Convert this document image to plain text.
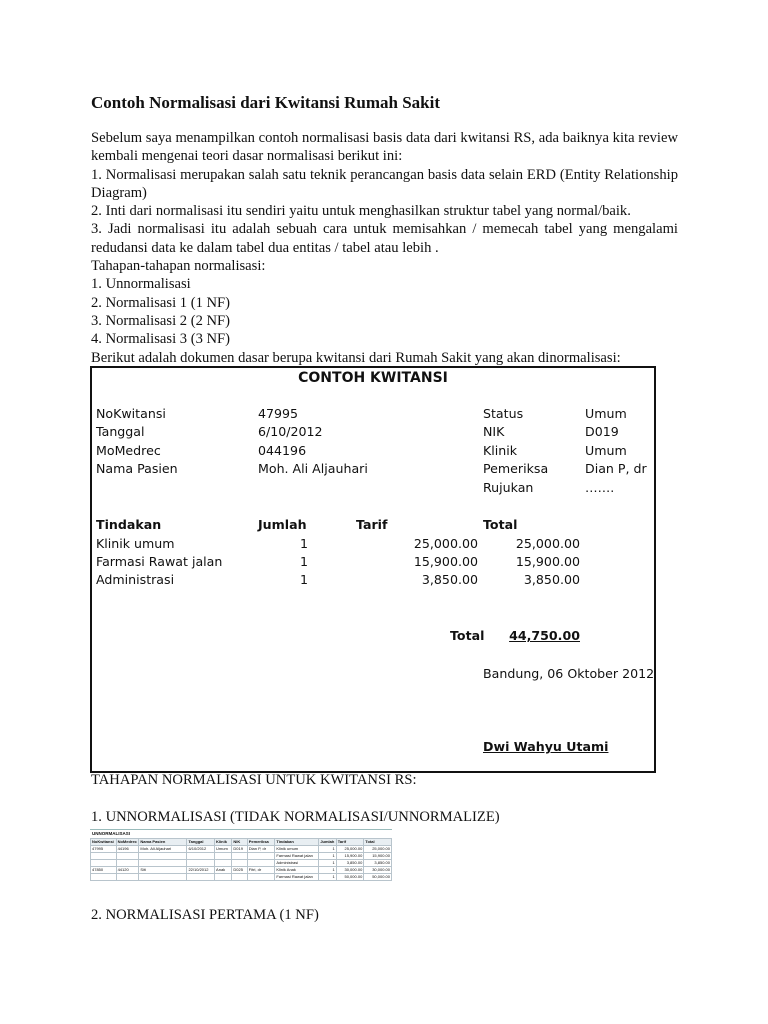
Contoh Normalisasi dari Kwitansi Rumah Sakit

Sebelum saya menampilkan contoh normalisasi basis data dari kwitansi RS, ada baiknya kita review kembali mengenai teori dasar normalisasi berikut ini:

1. Normalisasi merupakan salah satu teknik perancangan basis data selain ERD (Entity Relationship Diagram)

2. Inti dari normalisasi itu sendiri yaitu untuk menghasilkan struktur tabel yang normal/baik.

3. Jadi normalisasi itu adalah sebuah cara untuk memisahkan / memecah tabel yang mengalami redudansi data ke dalam tabel dua entitas / tabel atau lebih .

Tahapan-tahapan normalisasi:

1. Unnormalisasi

2. Normalisasi 1 (1 NF)

3. Normalisasi 2 (2 NF)

4. Normalisasi 3 (3 NF)

Berikut adalah dokumen dasar berupa kwitansi dari Rumah Sakit yang akan dinormalisasi:

CONTOH KWITANSI
NoKwitansi	47995
Tanggal	6/10/2012
MoMedrec	044196
Nama Pasien	Moh. Ali Aljauhari
Status	Umum
NIK	D019
Klinik	Umum
Pemeriksa	Dian P, dr
Rujukan	…….
Tindakan	Jumlah	Tarif	Total
Klinik umum	1	25,000.00	25,000.00
Farmasi Rawat jalan	1	15,900.00	15,900.00
Administrasi	1	3,850.00	3,850.00
Total	44,750.00
Bandung, 06 Oktober 2012
Dwi Wahyu Utami

TAHAPAN NORMALISASI UNTUK KWITANSI RS:

1. UNNORMALISASI (TIDAK NORMALISASI/UNNORMALIZE)

UNNORMALISASI
NoKwitansi	NoMedrec	Nama Pasien	Tanggal	Klinik	NIK	Pemeriksa	Tindakan	Jumlah	Tarif	Total
47995	44196	Moh. Ali Aljauhari	6/10/2012	Umum	D019	Dian P, dr	Klinik umum	1	25,000.00	25,000.00
							Farmasi Rawat jalan	1	15,900.00	15,900.00
							Administrasi	1	3,850.00	3,850.00
47850	44120	Siti	22/10/2012	Anak	D025	Fitri, dr	Klinik Anak	1	30,000.00	30,000.00
							Farmasi Rawat jalan	1	50,000.00	50,000.00

2. NORMALISASI PERTAMA (1 NF)
